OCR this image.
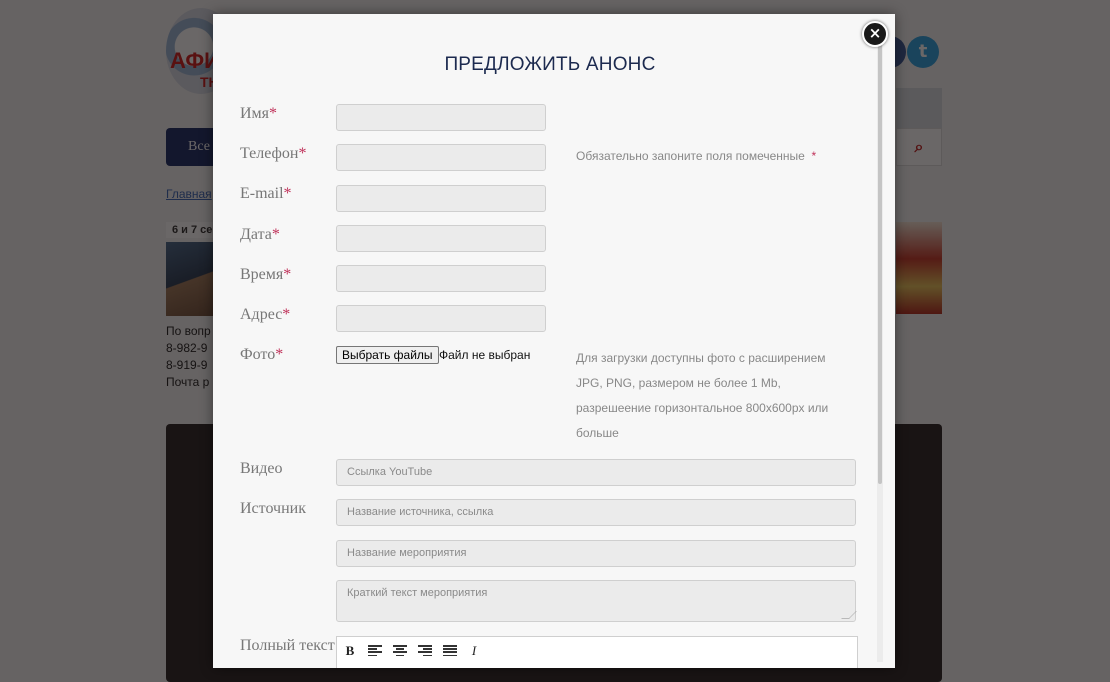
ПРЕДЛОЖИТЬ АНОНС
Имя*
Телефон*	Обязательно запоните поля помеченные *
E-mail*
Дата*
Время*
Адрес*
Фото*	Выбрать файлы Файл не выбран	Для загрузки доступны фото с расширением
JPG, PNG, размером не более 1 Mb,
разрешеение горизонтальное 800x600px или
больше
Видео	Ссылка YouTube
Источник	Название источника, ссылка
Название мероприятия
Краткий текст мероприятия
Полный текст B	I
×
